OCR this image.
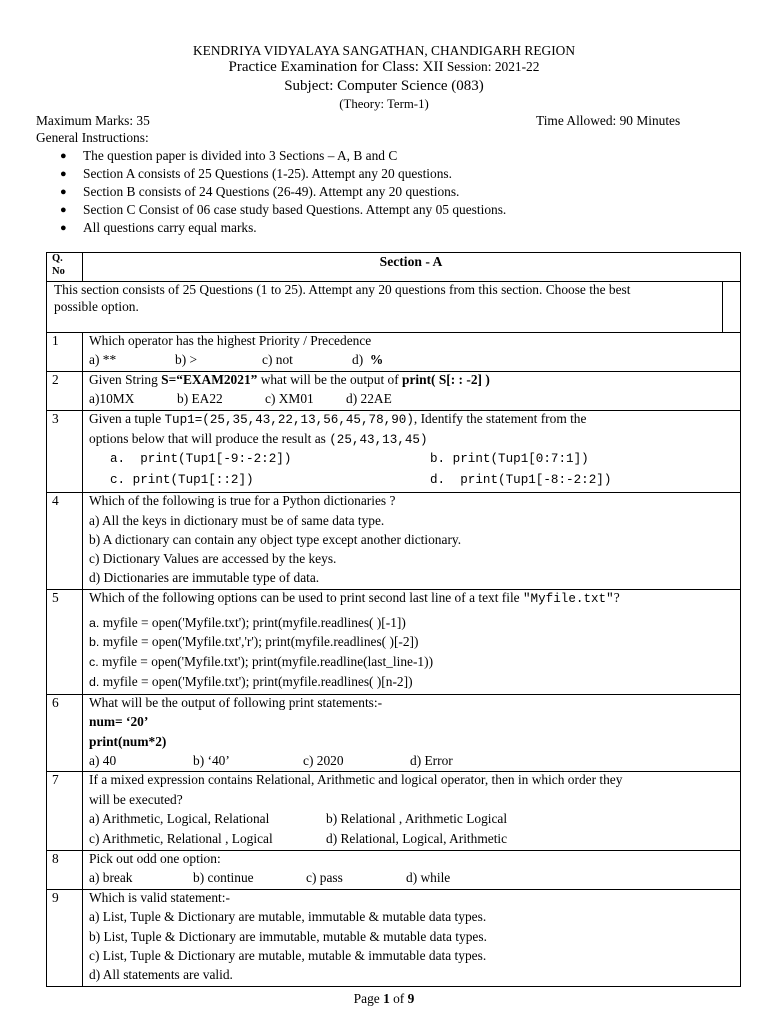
KENDRIYA VIDYALAYA SANGATHAN, CHANDIGARH REGION
Practice Examination for Class: XII Session: 2021-22
Subject: Computer Science (083)
(Theory: Term-1)
Maximum Marks: 35	Time Allowed: 90 Minutes
General Instructions:
● The question paper is divided into 3 Sections – A, B and C
● Section A consists of 25 Questions (1-25). Attempt any 20 questions.
● Section B consists of 24 Questions (26-49). Attempt any 20 questions.
● Section C Consist of 06 case study based Questions. Attempt any 05 questions.
● All questions carry equal marks.
Q.
No
Section - A
This section consists of 25 Questions (1 to 25). Attempt any 20 questions from this section. Choose the best
possible option.
1 Which operator has the highest Priority / Precedence
a) **	b) >	c) not	d) %
2 Given String S=“EXAM2021” what will be the output of print( S[: : -2] )
a)10MX	b) EA22	c) XM01 d) 22AE
3 Given a tuple Tup1=(25,35,43,22,13,56,45,78,90), Identify the statement from the
options below that will produce the result as (25,43,13,45)
a.  print(Tup1[-9:-2:2])	b. print(Tup1[0:7:1])
c. print(Tup1[::2])	d.  print(Tup1[-8:-2:2])
4 Which of the following is true for a Python dictionaries ?
a) All the keys in dictionary must be of same data type.
b) A dictionary can contain any object type except another dictionary.
c) Dictionary Values are accessed by the keys.
d) Dictionaries are immutable type of data.
5 Which of the following options can be used to print second last line of a text file "Myfile.txt"?
a. myfile = open('Myfile.txt'); print(myfile.readlines( )[-1])
b. myfile = open('Myfile.txt','r'); print(myfile.readlines( )[-2])
c. myfile = open('Myfile.txt'); print(myfile.readline(last_line-1))
d. myfile = open('Myfile.txt'); print(myfile.readlines( )[n-2])
6 What will be the output of following print statements:-
num= ‘20’
print(num*2)
a) 40	b) ‘40’	c) 2020	d) Error
7 If a mixed expression contains Relational, Arithmetic and logical operator, then in which order they
will be executed?
a) Arithmetic, Logical, Relational	b) Relational , Arithmetic Logical
c) Arithmetic, Relational , Logical	d) Relational, Logical, Arithmetic
8 Pick out odd one option:
a) break	b) continue	c) pass	d) while
9 Which is valid statement:-
a) List, Tuple & Dictionary are mutable, immutable & mutable data types.
b) List, Tuple & Dictionary are immutable, mutable & mutable data types.
c) List, Tuple & Dictionary are mutable, mutable & immutable data types.
d) All statements are valid.
Page 1 of 9
